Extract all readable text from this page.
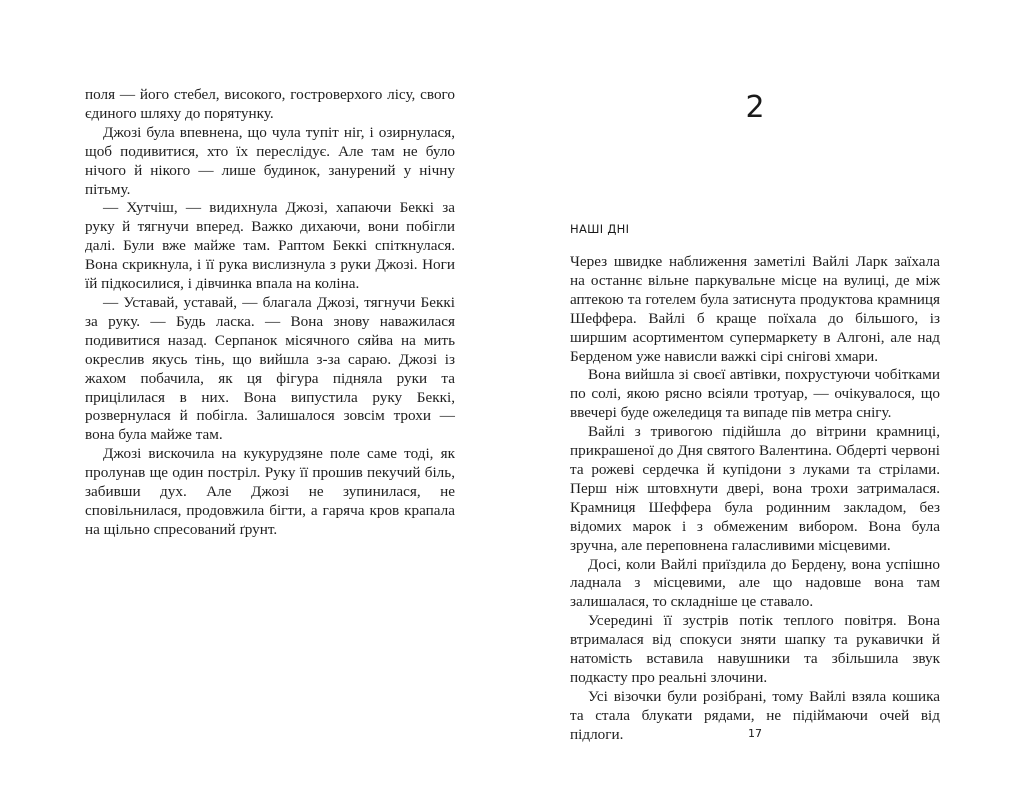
поля — його стебел, високого, гостроверхого лісу, свого єдиного шляху до порятунку.

Джозі була впевнена, що чула тупіт ніг, і озирнулася, щоб подивитися, хто їх переслідує. Але там не було нічого й нікого — лише будинок, занурений у нічну пітьму.

— Хутчіш, — видихнула Джозі, хапаючи Беккі за руку й тягнучи вперед. Важко дихаючи, вони побігли далі. Були вже майже там. Раптом Беккі спіткнулася. Вона скрикнула, і її рука вислизнула з руки Джозі. Ноги їй підкосилися, і дівчинка впала на коліна.

— Уставай, уставай, — благала Джозі, тягнучи Беккі за руку. — Будь ласка. — Вона знову наважилася подивитися назад. Серпанок місячного сяйва на мить окреслив якусь тінь, що вийшла з-за сараю. Джозі із жахом побачила, як ця фігура підняла руки та прицілилася в них. Вона випустила руку Беккі, розвернулася й побігла. Залишалося зовсім трохи — вона була майже там.

Джозі вискочила на кукурудзяне поле саме тоді, як пролунав ще один постріл. Руку її прошив пекучий біль, забивши дух. Але Джозі не зупинилася, не сповільнилася, продовжила бігти, а гаряча кров крапала на щільно спресований ґрунт.

2
НАШІ ДНІ

Через швидке наближення заметілі Вайлі Ларк заїхала на останнє вільне паркувальне місце на вулиці, де між аптекою та готелем була затиснута продуктова крамниця Шеффера. Вайлі б краще поїхала до більшого, із ширшим асортиментом супермаркету в Алгоні, але над Берденом уже нависли важкі сірі снігові хмари.

Вона вийшла зі своєї автівки, похрустуючи чобітками по солі, якою рясно всіяли тротуар, — очікувалося, що ввечері буде ожеледиця та випаде пів метра снігу.

Вайлі з тривогою підійшла до вітрини крамниці, прикрашеної до Дня святого Валентина. Обдерті червоні та рожеві сердечка й купідони з луками та стрілами. Перш ніж штовхнути двері, вона трохи затрималася. Крамниця Шеффера була родинним закладом, без відомих марок і з обмеженим вибором. Вона була зручна, але переповнена галасливими місцевими.

Досі, коли Вайлі приїздила до Бердену, вона успішно ладнала з місцевими, але що надовше вона там залишалася, то складніше це ставало.

Усередині її зустрів потік теплого повітря. Вона втрималася від спокуси зняти шапку та рукавички й натомість вставила навушники та збільшила звук подкасту про реальні злочини.

Усі візочки були розібрані, тому Вайлі взяла кошика та стала блукати рядами, не підіймаючи очей від підлоги.	17
